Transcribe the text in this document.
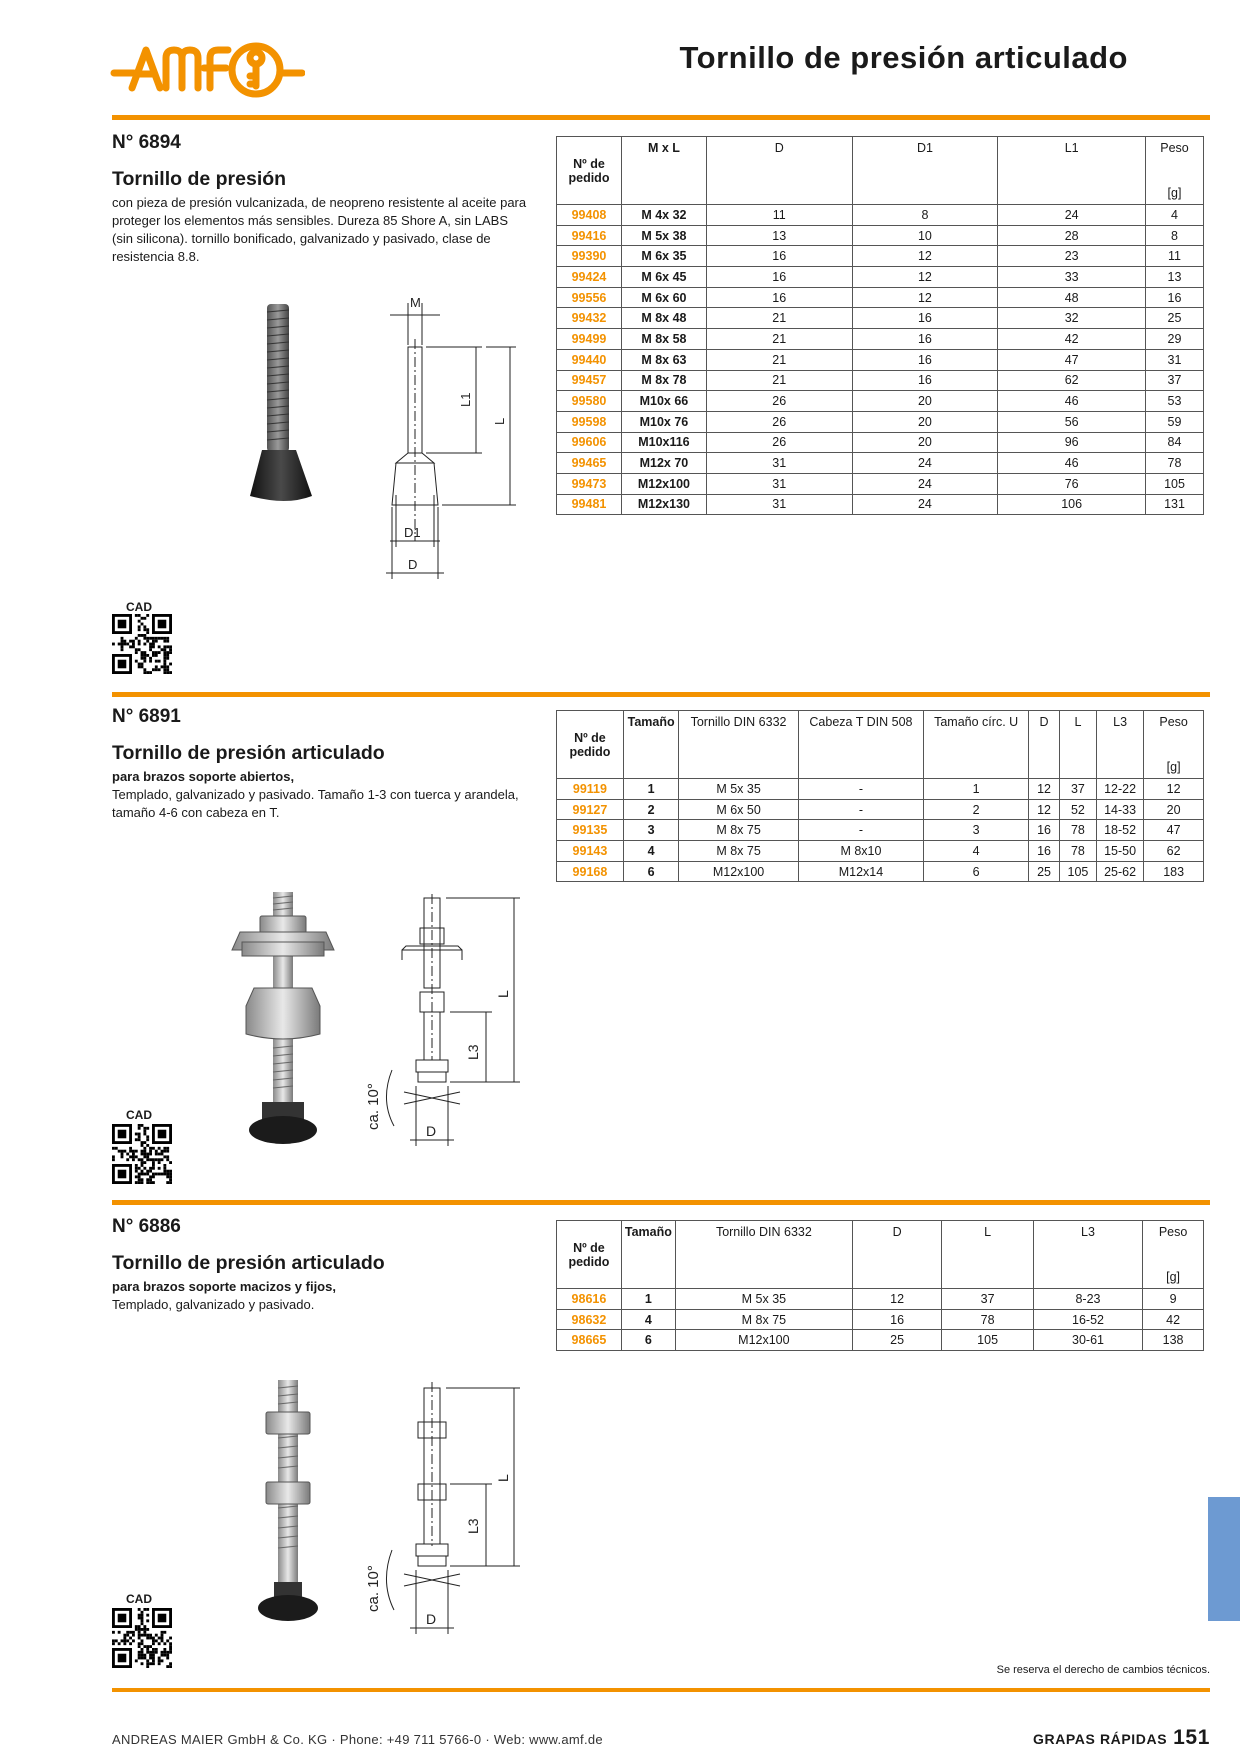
Tornillo de presión articulado
N° 6894
Tornillo de presión
con pieza de presión vulcanizada, de neopreno resistente al aceite para proteger los elementos más sensibles. Dureza 85 Shore A, sin LABS (sin silicona). tornillo bonificado, galvanizado y pasivado, clase de resistencia 8.8.
M
L1
L
D1
D
Nº de pedido	M x L	D	D1	L1	Peso
[g]

99408	M 4x 32	11	8	24	4
99416	M 5x 38	13	10	28	8
99390	M 6x 35	16	12	23	11
99424	M 6x 45	16	12	33	13
99556	M 6x 60	16	12	48	16
99432	M 8x 48	21	16	32	25
99499	M 8x 58	21	16	42	29
99440	M 8x 63	21	16	47	31
99457	M 8x 78	21	16	62	37
99580	M10x 66	26	20	46	53
99598	M10x 76	26	20	56	59
99606	M10x116	26	20	96	84
99465	M12x 70	31	24	46	78
99473	M12x100	31	24	76	105
99481	M12x130	31	24	106	131
CAD
N° 6891
Tornillo de presión articulado
para brazos soporte abiertos,
Templado, galvanizado y pasivado. Tamaño 1-3 con tuerca y arandela, tamaño 4-6 con cabeza en T.
L
L3
ca. 10°
D
Nº de pedido	Tamaño	Tornillo DIN 6332	Cabeza T DIN 508	Tamaño círc. U	D	L	L3	Peso
[g]

99119	1	M 5x 35	-	1	12	37	12-22	12
99127	2	M 6x 50	-	2	12	52	14-33	20
99135	3	M 8x 75	-	3	16	78	18-52	47
99143	4	M 8x 75	M 8x10	4	16	78	15-50	62
99168	6	M12x100	M12x14	6	25	105	25-62	183
CAD
N° 6886
Tornillo de presión articulado
para brazos soporte macizos y fijos,
Templado, galvanizado y pasivado.
L
L3
ca. 10°
D
Nº de pedido	Tamaño	Tornillo DIN 6332	D	L	L3	Peso
[g]

98616	1	M 5x 35	12	37	8-23	9
98632	4	M 8x 75	16	78	16-52	42
98665	6	M12x100	25	105	30-61	138
CAD
Se reserva el derecho de cambios técnicos.
ANDREAS MAIER GmbH & Co. KG · Phone: +49 711 5766-0 · Web: www.amf.de	GRAPAS RÁPIDAS 151
